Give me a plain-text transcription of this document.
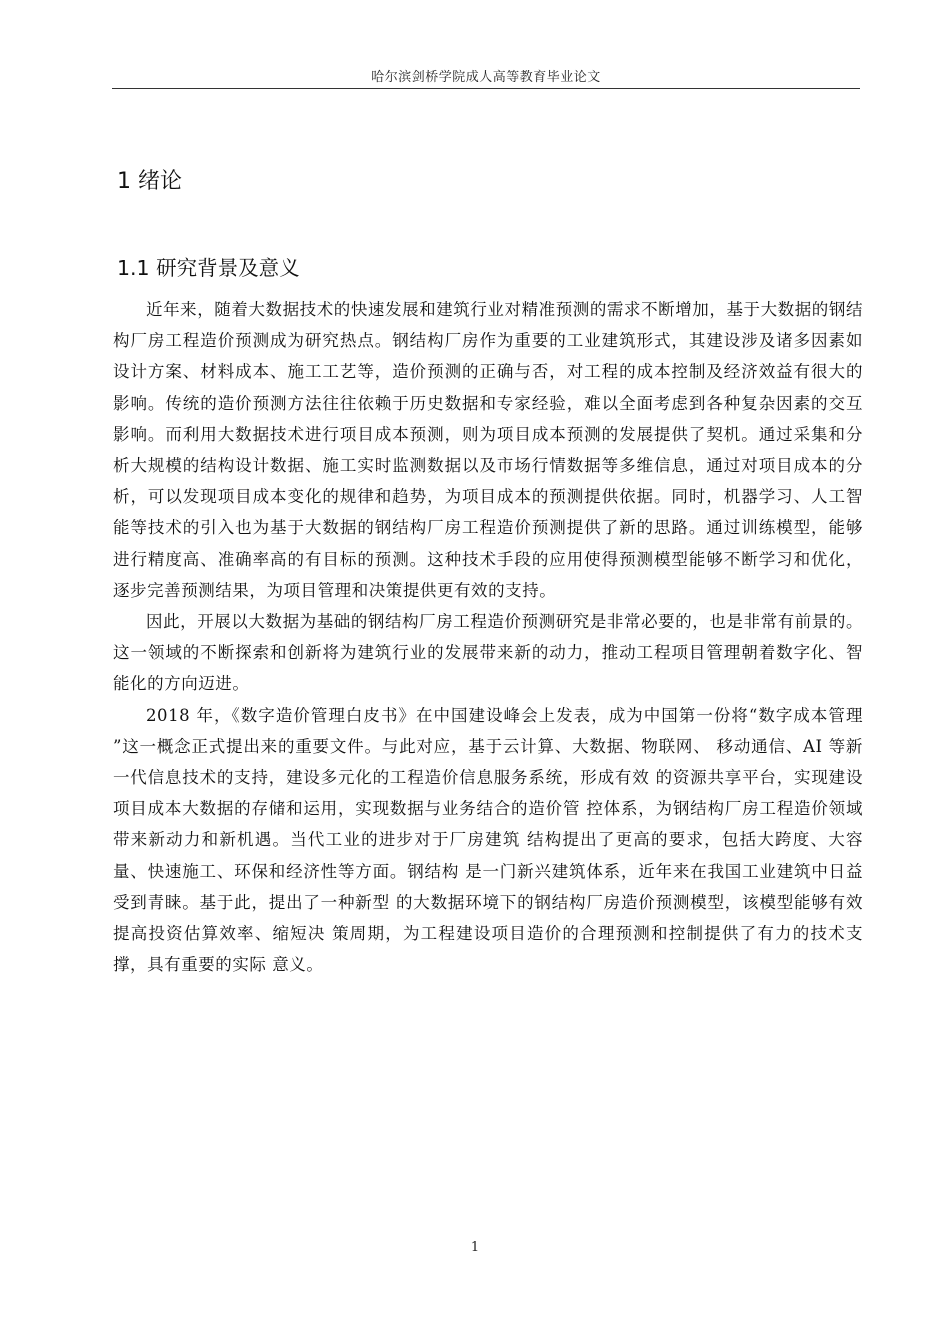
哈尔滨剑桥学院成人高等教育毕业论文
1 绪论
1.1 研究背景及意义

近年来，随着大数据技术的快速发展和建筑行业对精准预测的需求不断增加，基于大数据的钢结构厂房工程造价预测成为研究热点。钢结构厂房作为重要的工业建筑形式，其建设涉及诸多因素如设计方案、材料成本、施工工艺等，造价预测的正确与否，对工程的成本控制及经济效益有很大的影响。传统的造价预测方法往往依赖于历史数据和专家经验，难以全面考虑到各种复杂因素的交互影响。而利用大数据技术进行项目成本预测，则为项目成本预测的发展提供了契机。通过采集和分析大规模的结构设计数据、施工实时监测数据以及市场行情数据等多维信息，通过对项目成本的分析，可以发现项目成本变化的规律和趋势，为项目成本的预测提供依据。同时，机器学习、人工智能等技术的引入也为基于大数据的钢结构厂房工程造价预测提供了新的思路。通过训练模型，能够进行精度高、准确率高的有目标的预测。这种技术手段的应用使得预测模型能够不断学习和优化，逐步完善预测结果，为项目管理和决策提供更有效的支持。

因此，开展以大数据为基础的钢结构厂房工程造价预测研究是非常必要的，也是非常有前景的。这一领域的不断探索和创新将为建筑行业的发展带来新的动力，推动工程项目管理朝着数字化、智能化的方向迈进。

2018 年，《数字造价管理白皮书》在中国建设峰会上发表，成为中国第一份将“数字成本管理 ”这一概念正式提出来的重要文件。与此对应，基于云计算、大数据、物联网、 移动通信、AI 等新一代信息技术的支持，建设多元化的工程造价信息服务系统，形成有效 的资源共享平台，实现建设项目成本大数据的存储和运用，实现数据与业务结合的造价管 控体系，为钢结构厂房工程造价领域带来新动力和新机遇。当代工业的进步对于厂房建筑 结构提出了更高的要求，包括大跨度、大容量、快速施工、环保和经济性等方面。钢结构 是一门新兴建筑体系，近年来在我国工业建筑中日益受到青睐。基于此，提出了一种新型 的大数据环境下的钢结构厂房造价预测模型，该模型能够有效提高投资估算效率、缩短决 策周期，为工程建设项目造价的合理预测和控制提供了有力的技术支撑，具有重要的实际 意义。

1
